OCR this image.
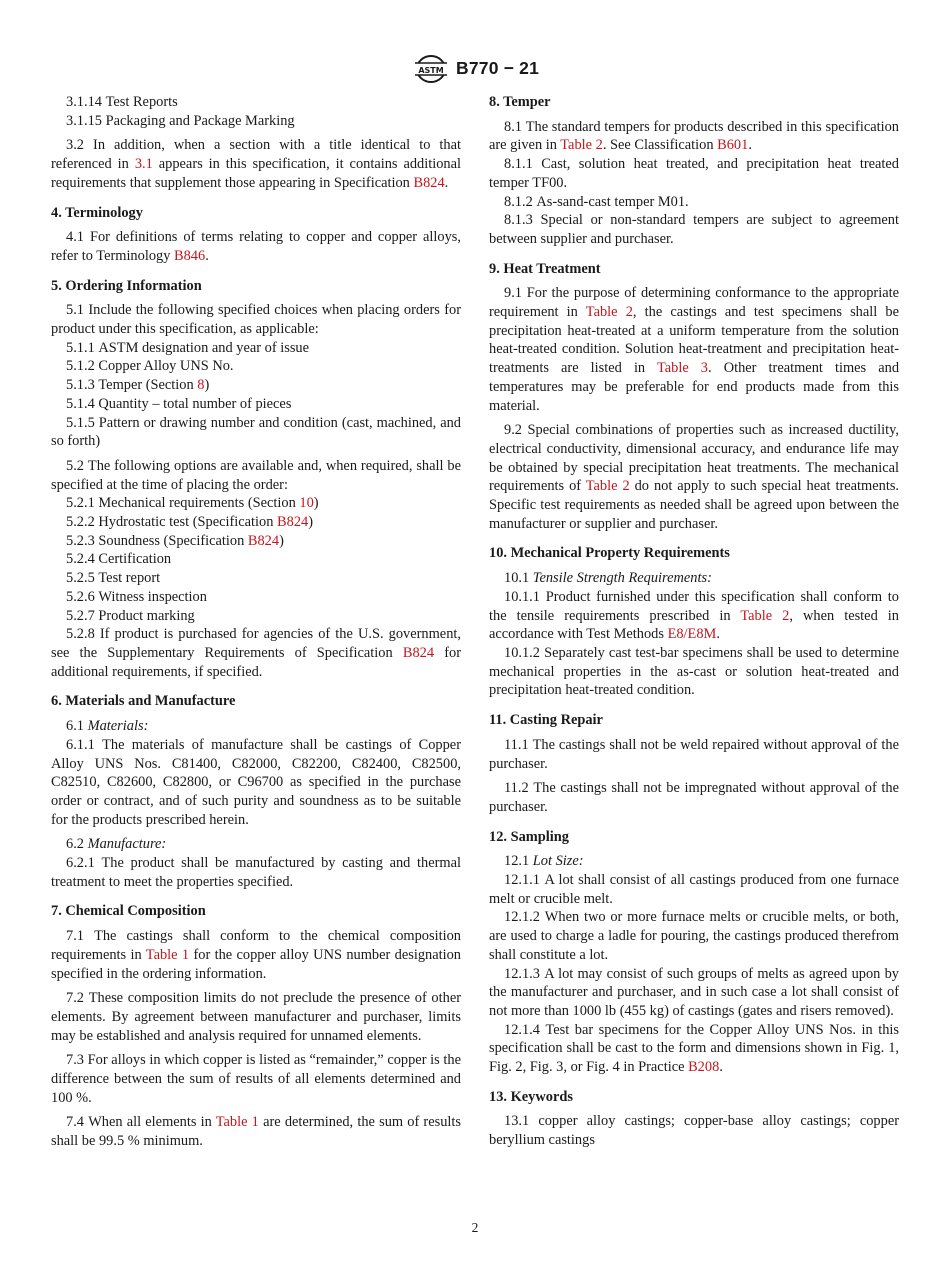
ASTM B770 − 21

3.1.14 Test Reports

3.1.15 Packaging and Package Marking

3.2 In addition, when a section with a title identical to that referenced in 3.1 appears in this specification, it contains additional requirements that supplement those appearing in Specification B824.

4. Terminology

4.1 For definitions of terms relating to copper and copper alloys, refer to Terminology B846.

5. Ordering Information

5.1 Include the following specified choices when placing orders for product under this specification, as applicable:

5.1.1 ASTM designation and year of issue

5.1.2 Copper Alloy UNS No.

5.1.3 Temper (Section 8)

5.1.4 Quantity – total number of pieces

5.1.5 Pattern or drawing number and condition (cast, machined, and so forth)

5.2 The following options are available and, when required, shall be specified at the time of placing the order:

5.2.1 Mechanical requirements (Section 10)

5.2.2 Hydrostatic test (Specification B824)

5.2.3 Soundness (Specification B824)

5.2.4 Certification

5.2.5 Test report

5.2.6 Witness inspection

5.2.7 Product marking

5.2.8 If product is purchased for agencies of the U.S. government, see the Supplementary Requirements of Specification B824 for additional requirements, if specified.

6. Materials and Manufacture

6.1 Materials:

6.1.1 The materials of manufacture shall be castings of Copper Alloy UNS Nos. C81400, C82000, C82200, C82400, C82500, C82510, C82600, C82800, or C96700 as specified in the purchase order or contract, and of such purity and soundness as to be suitable for the products prescribed herein.

6.2 Manufacture:

6.2.1 The product shall be manufactured by casting and thermal treatment to meet the properties specified.

7. Chemical Composition

7.1 The castings shall conform to the chemical composition requirements in Table 1 for the copper alloy UNS number designation specified in the ordering information.

7.2 These composition limits do not preclude the presence of other elements. By agreement between manufacturer and purchaser, limits may be established and analysis required for unnamed elements.

7.3 For alloys in which copper is listed as “remainder,” copper is the difference between the sum of results of all elements determined and 100 %.

7.4 When all elements in Table 1 are determined, the sum of results shall be 99.5 % minimum.

8. Temper

8.1 The standard tempers for products described in this specification are given in Table 2. See Classification B601.

8.1.1 Cast, solution heat treated, and precipitation heat treated temper TF00.

8.1.2 As-sand-cast temper M01.

8.1.3 Special or non-standard tempers are subject to agreement between supplier and purchaser.

9. Heat Treatment

9.1 For the purpose of determining conformance to the appropriate requirement in Table 2, the castings and test specimens shall be precipitation heat-treated at a uniform temperature from the solution heat-treated condition. Solution heat-treatment and precipitation heat-treatments are listed in Table 3. Other treatment times and temperatures may be preferable for end products made from this material.

9.2 Special combinations of properties such as increased ductility, electrical conductivity, dimensional accuracy, and endurance life may be obtained by special precipitation heat treatments. The mechanical requirements of Table 2 do not apply to such special heat treatments. Specific test requirements as needed shall be agreed upon between the manufacturer or supplier and purchaser.

10. Mechanical Property Requirements

10.1 Tensile Strength Requirements:

10.1.1 Product furnished under this specification shall conform to the tensile requirements prescribed in Table 2, when tested in accordance with Test Methods E8/E8M.

10.1.2 Separately cast test-bar specimens shall be used to determine mechanical properties in the as-cast or solution heat-treated and precipitation heat-treated condition.

11. Casting Repair

11.1 The castings shall not be weld repaired without approval of the purchaser.

11.2 The castings shall not be impregnated without approval of the purchaser.

12. Sampling

12.1 Lot Size:

12.1.1 A lot shall consist of all castings produced from one furnace melt or crucible melt.

12.1.2 When two or more furnace melts or crucible melts, or both, are used to charge a ladle for pouring, the castings produced therefrom shall constitute a lot.

12.1.3 A lot may consist of such groups of melts as agreed upon by the manufacturer and purchaser, and in such case a lot shall consist of not more than 1000 lb (455 kg) of castings (gates and risers removed).

12.1.4 Test bar specimens for the Copper Alloy UNS Nos. in this specification shall be cast to the form and dimensions shown in Fig. 1, Fig. 2, Fig. 3, or Fig. 4 in Practice B208.

13. Keywords

13.1 copper alloy castings; copper-base alloy castings; copper beryllium castings

2
